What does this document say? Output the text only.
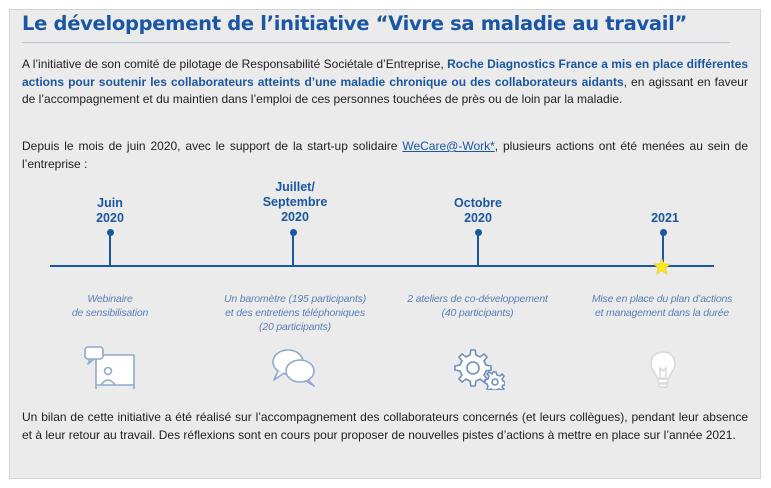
Le développement de l’initiative “Vivre sa maladie au travail”
A l’initiative de son comité de pilotage de Responsabilité Sociétale d’Entreprise, Roche Diagnostics France a mis en place différentes actions pour soutenir les collaborateurs atteints d’une maladie chronique ou des collaborateurs aidants, en agissant en faveur de l’accompagnement et du maintien dans l’emploi de ces personnes touchées de près ou de loin par la maladie.
Depuis le mois de juin 2020, avec le support de la start-up solidaire WeCare@-Work*, plusieurs actions ont été menées au sein de l’entreprise :
Juin
2020
Juillet/
Septembre
2020
Octobre
2020	2021
★
Webinaire
de sensibilisation
Un baromètre (195 participants)
et des entretiens téléphoniques
(20 participants)
2 ateliers de co-développement
(40 participants)
Mise en place du plan d’actions
et management dans la durée
Un bilan de cette initiative a été réalisé sur l’accompagnement des collaborateurs concernés (et leurs collègues), pendant leur absence et à leur retour au travail. Des réflexions sont en cours pour proposer de nouvelles pistes d’actions à mettre en place sur l’année 2021.
